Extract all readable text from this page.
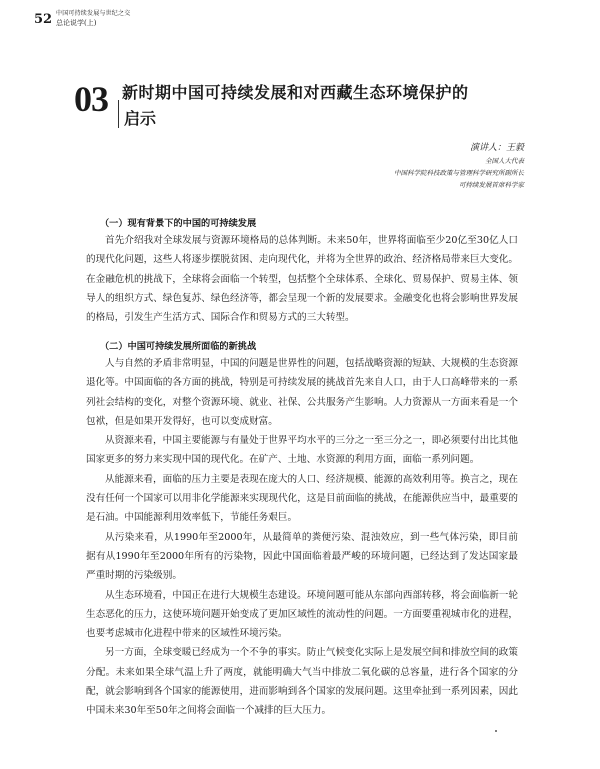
52 中国可持续发展与世纪之交
总论说学(上)
03 新时期中国可持续发展和对西藏生态环境保护的
启示
演讲人：王毅
全国人大代表
中国科学院科技政策与管理科学研究所副所长
可持续发展首席科学家
（一）现有背景下的中国的可持续发展

首先介绍我对全球发展与资源环境格局的总体判断。未来50年，世界将面临至少20亿至30亿人口的现代化问题，这些人将逐步摆脱贫困、走向现代化，并将为全世界的政治、经济格局带来巨大变化。在金融危机的挑战下，全球将会面临一个转型，包括整个全球体系、全球化、贸易保护、贸易主体、领导人的组织方式、绿色复苏、绿色经济等，都会呈现一个新的发展要求。金融变化也将会影响世界发展的格局，引发生产生活方式、国际合作和贸易方式的三大转型。

（二）中国可持续发展所面临的新挑战

人与自然的矛盾非常明显，中国的问题是世界性的问题，包括战略资源的短缺、大规模的生态资源退化等。中国面临的各方面的挑战，特别是可持续发展的挑战首先来自人口，由于人口高峰带来的一系列社会结构的变化，对整个资源环境、就业、社保、公共服务产生影响。人力资源从一方面来看是一个包袱，但是如果开发得好，也可以变成财富。

从资源来看，中国主要能源与有量处于世界平均水平的三分之一至三分之一，即必须要付出比其他国家更多的努力来实现中国的现代化。在矿产、土地、水资源的利用方面，面临一系列问题。

从能源来看，面临的压力主要是表现在庞大的人口、经济规模、能源的高效利用等。换言之，现在没有任何一个国家可以用非化学能源来实现现代化，这是目前面临的挑战，在能源供应当中，最重要的是石油。中国能源利用效率低下，节能任务艰巨。

从污染来看，从1990年至2000年，从最简单的粪便污染、混浊效应，到一些气体污染，即目前据有从1990年至2000年所有的污染物，因此中国面临着最严峻的环境问题，已经达到了发达国家最严重时期的污染级别。

从生态环境看，中国正在进行大规模生态建设。环境问题可能从东部向西部转移，将会面临新一轮生态恶化的压力，这使环境问题开始变成了更加区域性的流动性的问题。一方面要重视城市化的进程，也要考虑城市化进程中带来的区域性环境污染。

另一方面，全球变暖已经成为一个不争的事实。防止气候变化实际上是发展空间和排放空间的政策分配。未来如果全球气温上升了两度，就能明确大气当中排放二氧化碳的总容量，进行各个国家的分配，就会影响到各个国家的能源使用，进而影响到各个国家的发展问题。这里牵扯到一系列因素，因此中国未来30年至50年之间将会面临一个减排的巨大压力。
